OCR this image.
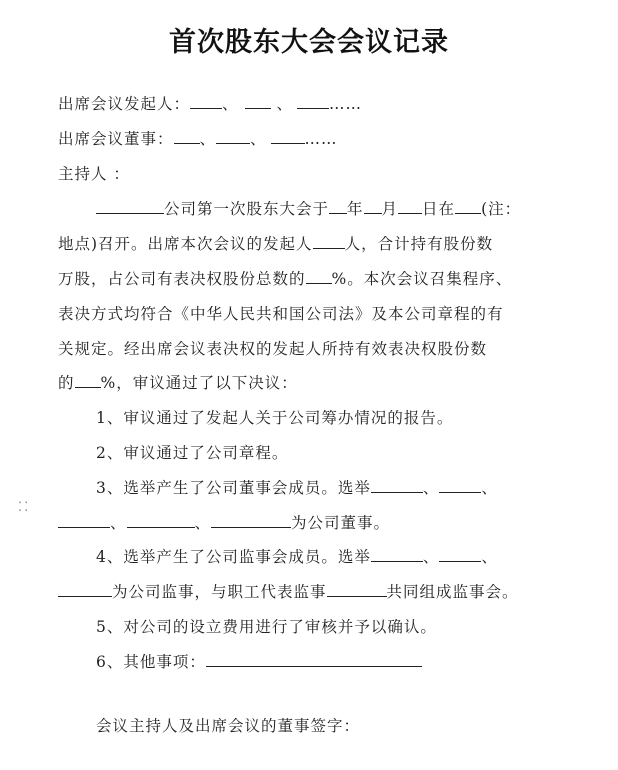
首次股东大会会议记录
出席会议发起人： 、 、 ……
出席会议董事： 、 、 ……
主持人 ：
公司第一次股东大会于 年 月 日在 (注：
地点)召开。出席本次会议的发起人 人，合计持有股份数
万股，占公司有表决权股份总数的 %。本次会议召集程序、
表决方式均符合《中华人民共和国公司法》及本公司章程的有
关规定。经出席会议表决权的发起人所持有效表决权股份数
的 %，审议通过了以下决议：
1、审议通过了发起人关于公司筹办情况的报告。
2、审议通过了公司章程。
3、选举产生了公司董事会成员。选举	、	、
、	、	为公司董事。
4、选举产生了公司监事会成员。选举	、	、
为公司监事，与职工代表监事	共同组成监事会。
5、对公司的设立费用进行了审核并予以确认。
6、其他事项：
会议主持人及出席会议的董事签字：
⁚⁚
